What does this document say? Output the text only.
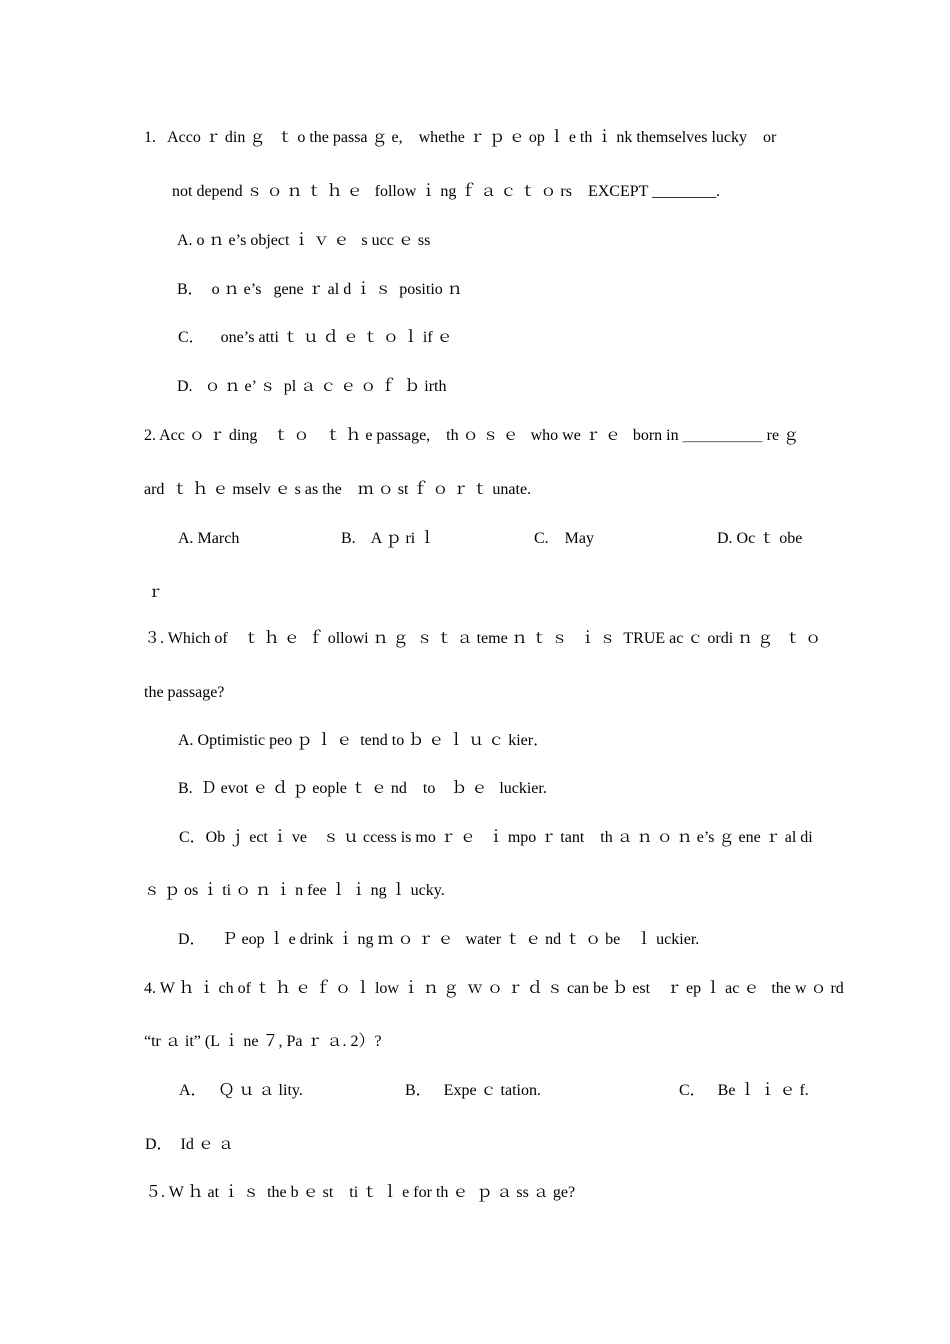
1.   Acco ｒ din ｇ   ｔ o the passa ｇ e,    whethe ｒ ｐ ｅ op ｌ e th ｉ nk themselves lucky    or
not depend ｓ ｏ ｎ ｔ ｈ ｅ   follow ｉ ng ｆ ａ ｃ ｔ ｏ rs    EXCEPT ________.
A. o ｎ e’s object ｉ ｖ ｅ   s ucc ｅ ss
B．  o ｎ e’s   gene ｒ al d ｉ ｓ  positio ｎ
C．    one’s atti ｔ ｕ ｄ ｅ ｔ ｏ ｌ if ｅ
D.   ｏ ｎ e’ ｓ  pl ａ ｃ ｅ ｏ ｆ  ｂ irth
2. Acc ｏ ｒ ding    ｔ ｏ    ｔ ｈ e passage,    th ｏ ｓ ｅ   who we ｒ ｅ   born in ＿＿＿＿＿ re ｇ
ard  ｔ ｈ ｅ mselv ｅ s as the    ｍ ｏ st ｆ ｏ ｒ ｔ unate.
A. March	B.    A ｐ ri ｌ	C.    May	D. Oc ｔ obe
ｒ
３. Which of    ｔ ｈ ｅ  ｆ ollowi ｎ ｇ  ｓ ｔ ａ teme ｎ ｔ ｓ   ｉ ｓ  TRUE ac ｃ ordi ｎ ｇ   ｔ ｏ
the passage?
A. Optimistic peo ｐ ｌ ｅ  tend to ｂ ｅ ｌ ｕ ｃ kier．
B.  Ｄ evot ｅ ｄ ｐ eople ｔ ｅ nd    to    ｂ ｅ   luckier.
C．Ob ｊ ect ｉ ve    ｓ ｕ ccess is mo ｒ ｅ   ｉ mpo ｒ tant    th ａ ｎ ｏ ｎ e’s ｇ ene ｒ al di
ｓ ｐ os ｉ ti ｏ ｎ ｉ n fee ｌ ｉ ng ｌ ucky.
D．    Ｐ eop ｌ e drink ｉ ng ｍ ｏ ｒ ｅ   water ｔ ｅ nd ｔ ｏ be    ｌ uckier.
4. W ｈ ｉ ch of ｔ ｈ ｅ ｆ ｏ ｌ low ｉ ｎ ｇ  ｗ ｏ ｒ ｄ ｓ can be ｂ est    ｒ ep ｌ ac ｅ   the w ｏ rd
“tr ａ it” (L ｉ ne ７, Pa ｒ ａ. 2）?
A．   Ｑ ｕ ａ lity.	B．   Expe ｃ tation.	C．   Be ｌ ｉ ｅ f.
D．  Id ｅ ａ
５. W ｈ at ｉ ｓ  the b ｅ st    ti ｔ ｌ e for th ｅ  ｐ ａ ss ａ ge?
